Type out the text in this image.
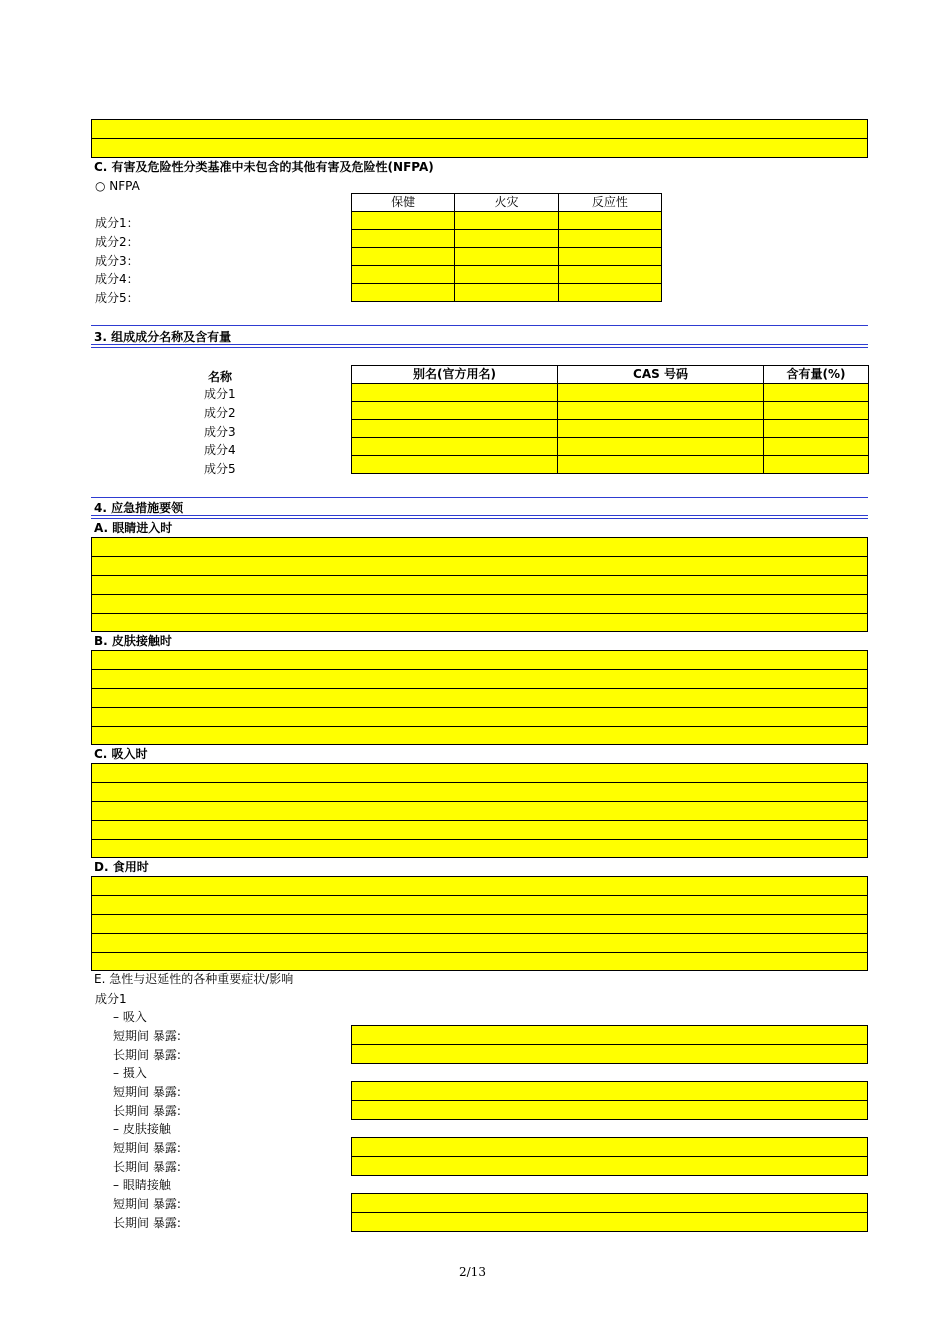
C. 有害及危险性分类基准中未包含的其他有害及危险性(NFPA)
○ NFPA
保健	火灾	反应性

成分1：
成分2：
成分3：
成分4：
成分5：
3. 组成成分名称及含有量
名称
成分1
成分2
成分3
成分4
成分5
别名(官方用名)	CAS 号码	含有量(%)

4. 应急措施要领
A. 眼睛进入时
B. 皮肤接触时
C. 吸入时
D. 食用时
E. 急性与迟延性的各种重要症状/影响
成分1
– 吸入
短期间 暴露:
长期间 暴露:
– 摄入
短期间 暴露:
长期间 暴露:
– 皮肤接触
短期间 暴露:
长期间 暴露:
– 眼睛接触
短期间 暴露:
长期间 暴露:
2/13
